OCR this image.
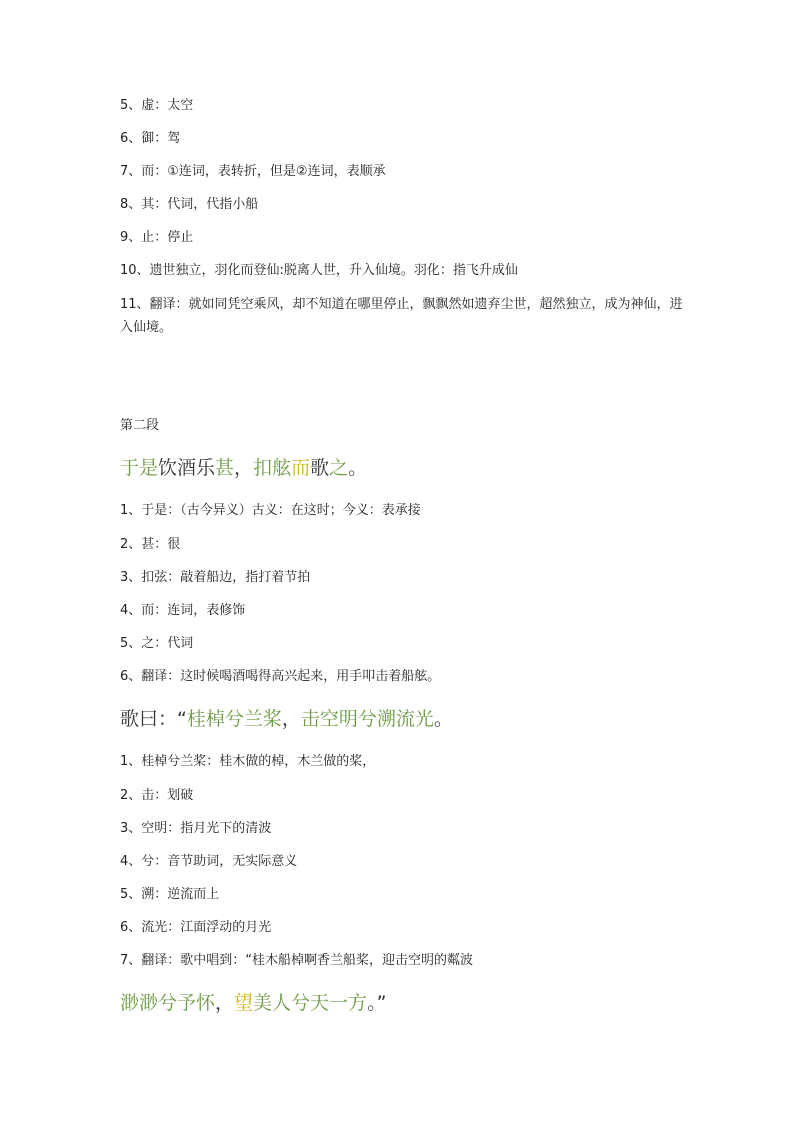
5、虚：太空
6、御：驾
7、而：①连词，表转折，但是②连词，表顺承
8、其：代词，代指小船
9、止：停止
10、遗世独立，羽化而登仙:脱离人世，升入仙境。羽化：指飞升成仙
11、翻译：就如同凭空乘风，却不知道在哪里停止，飘飘然如遗弃尘世，超然独立，成为神仙，进入仙境。
第二段
于是饮酒乐甚，扣舷而歌之。
1、于是：（古今异义）古义：在这时；今义：表承接
2、甚：很
3、扣弦：敲着船边，指打着节拍
4、而：连词，表修饰
5、之：代词
6、翻译：这时候喝酒喝得高兴起来，用手叩击着船舷。
歌曰：“桂棹兮兰桨，击空明兮溯流光。
1、桂棹兮兰桨：桂木做的棹，木兰做的桨，
2、击：划破
3、空明：指月光下的清波
4、兮：音节助词，无实际意义
5、溯：逆流而上
6、流光：江面浮动的月光
7、翻译：歌中唱到：“桂木船棹啊香兰船桨，迎击空明的粼波
渺渺兮予怀，望美人兮天一方。”
